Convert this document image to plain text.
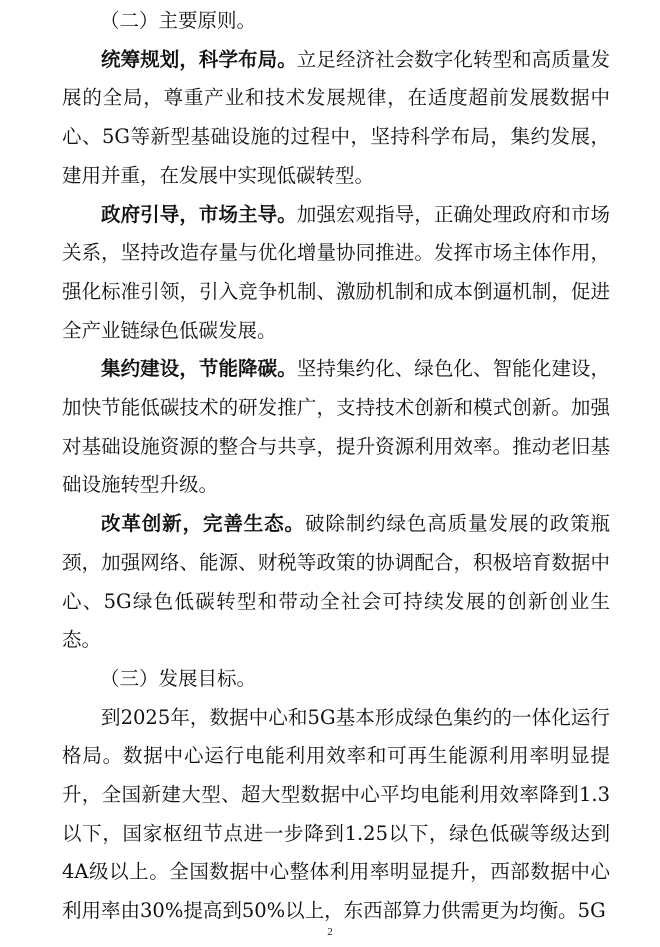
（二）主要原则。

统筹规划，科学布局。立足经济社会数字化转型和高质量发展的全局，尊重产业和技术发展规律，在适度超前发展数据中心、5G等新型基础设施的过程中，坚持科学布局，集约发展，建用并重，在发展中实现低碳转型。

政府引导，市场主导。加强宏观指导，正确处理政府和市场关系，坚持改造存量与优化增量协同推进。发挥市场主体作用，强化标准引领，引入竞争机制、激励机制和成本倒逼机制，促进全产业链绿色低碳发展。

集约建设，节能降碳。坚持集约化、绿色化、智能化建设，加快节能低碳技术的研发推广，支持技术创新和模式创新。加强对基础设施资源的整合与共享，提升资源利用效率。推动老旧基础设施转型升级。

改革创新，完善生态。破除制约绿色高质量发展的政策瓶颈，加强网络、能源、财税等政策的协调配合，积极培育数据中心、5G绿色低碳转型和带动全社会可持续发展的创新创业生态。

（三）发展目标。

到2025年，数据中心和5G基本形成绿色集约的一体化运行格局。数据中心运行电能利用效率和可再生能源利用率明显提升，全国新建大型、超大型数据中心平均电能利用效率降到1.3以下，国家枢纽节点进一步降到1.25以下，绿色低碳等级达到4A级以上。全国数据中心整体利用率明显提升，西部数据中心利用率由30%提高到50%以上，东西部算力供需更为均衡。5G

2
